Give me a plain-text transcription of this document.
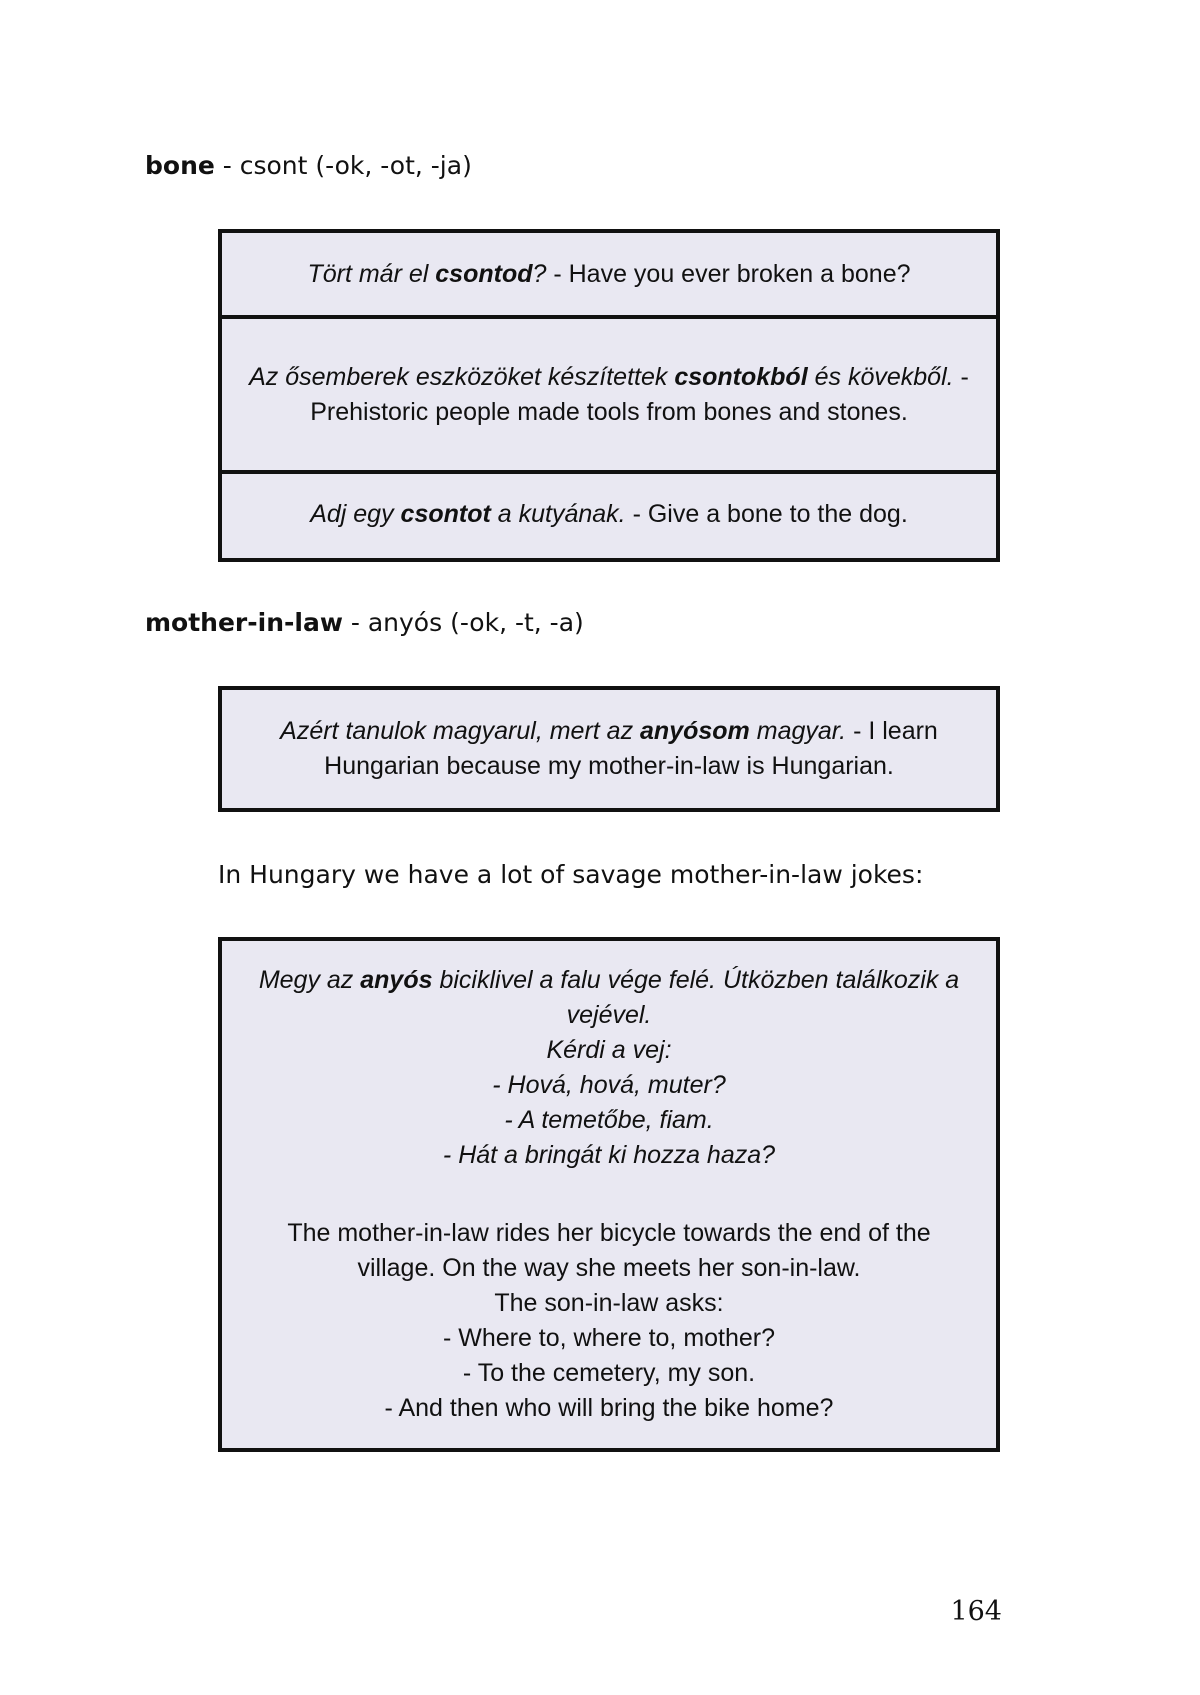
bone - csont (-ok, -ot, -ja)
Tört már el csontod? - Have you ever broken a bone?
Az ősemberek eszközöket készítettek csontokból és kövekből. - Prehistoric people made tools from bones and stones.
Adj egy csontot a kutyának. - Give a bone to the dog.
mother-in-law - anyós (-ok, -t, -a)
Azért tanulok magyarul, mert az anyósom magyar. - I learn Hungarian because my mother-in-law is Hungarian.
In Hungary we have a lot of savage mother-in-law jokes:
Megy az anyós biciklivel a falu vége felé. Útközben találkozik a vejével.
Kérdi a vej:
- Hová, hová, muter?
- A temetőbe, fiam.
- Hát a bringát ki hozza haza?
The mother-in-law rides her bicycle towards the end of the village. On the way she meets her son-in-law.
The son-in-law asks:
- Where to, where to, mother?
- To the cemetery, my son.
- And then who will bring the bike home?
164
